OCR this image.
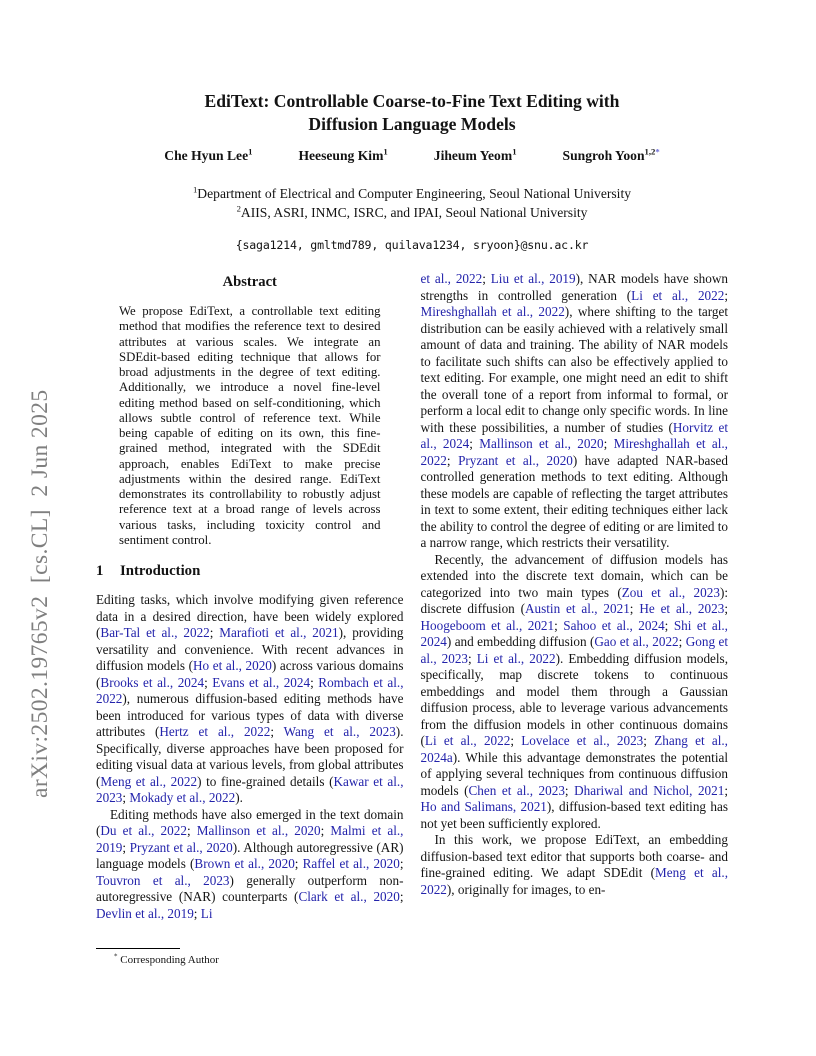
arXiv:2502.19765v2  [cs.CL]  2 Jun 2025
EdiText: Controllable Coarse-to-Fine Text Editing with
Diffusion Language Models
Che Hyun Lee$^1$	Heeseung Kim$^1$	Jiheum Yeom$^1$	Sungroh Yoon$^{1,2*}$
$^1$Department of Electrical and Computer Engineering, Seoul National University
$^2$AIIS, ASRI, INMC, ISRC, and IPAI, Seoul National University
{saga1214, gmltmd789, quilava1234, sryoon}@snu.ac.kr
Abstract

We propose EdiText, a controllable text editing method that modifies the reference text to desired attributes at various scales. We integrate an SDEdit-based editing technique that allows for broad adjustments in the degree of text editing. Additionally, we introduce a novel fine-level editing method based on self-conditioning, which allows subtle control of reference text. While being capable of editing on its own, this fine-grained method, integrated with the SDEdit approach, enables EdiText to make precise adjustments within the desired range. EdiText demonstrates its controllability to robustly adjust reference text at a broad range of levels across various tasks, including toxicity control and sentiment control.

1 Introduction

Editing tasks, which involve modifying given reference data in a desired direction, have been widely explored (Bar-Tal et al., 2022; Marafioti et al., 2021), providing versatility and convenience. With recent advances in diffusion models (Ho et al., 2020) across various domains (Brooks et al., 2024; Evans et al., 2024; Rombach et al., 2022), numerous diffusion-based editing methods have been introduced for various types of data with diverse attributes (Hertz et al., 2022; Wang et al., 2023). Specifically, diverse approaches have been proposed for editing visual data at various levels, from global attributes (Meng et al., 2022) to fine-grained details (Kawar et al., 2023; Mokady et al., 2022).

Editing methods have also emerged in the text domain (Du et al., 2022; Mallinson et al., 2020; Malmi et al., 2019; Pryzant et al., 2020). Although autoregressive (AR) language models (Brown et al., 2020; Raffel et al., 2020; Touvron et al., 2023) generally outperform non-autoregressive (NAR) counterparts (Clark et al., 2020; Devlin et al., 2019; Li

et al., 2022; Liu et al., 2019), NAR models have shown strengths in controlled generation (Li et al., 2022; Mireshghallah et al., 2022), where shifting to the target distribution can be easily achieved with a relatively small amount of data and training. The ability of NAR models to facilitate such shifts can also be effectively applied to text editing. For example, one might need an edit to shift the overall tone of a report from informal to formal, or perform a local edit to change only specific words. In line with these possibilities, a number of studies (Horvitz et al., 2024; Mallinson et al., 2020; Mireshghallah et al., 2022; Pryzant et al., 2020) have adapted NAR-based controlled generation methods to text editing. Although these models are capable of reflecting the target attributes in text to some extent, their editing techniques either lack the ability to control the degree of editing or are limited to a narrow range, which restricts their versatility.

Recently, the advancement of diffusion models has extended into the discrete text domain, which can be categorized into two main types (Zou et al., 2023): discrete diffusion (Austin et al., 2021; He et al., 2023; Hoogeboom et al., 2021; Sahoo et al., 2024; Shi et al., 2024) and embedding diffusion (Gao et al., 2022; Gong et al., 2023; Li et al., 2022). Embedding diffusion models, specifically, map discrete tokens to continuous embeddings and model them through a Gaussian diffusion process, able to leverage various advancements from the diffusion models in other continuous domains (Li et al., 2022; Lovelace et al., 2023; Zhang et al., 2024a). While this advantage demonstrates the potential of applying several techniques from continuous diffusion models (Chen et al., 2023; Dhariwal and Nichol, 2021; Ho and Salimans, 2021), diffusion-based text editing has not yet been sufficiently explored.

In this work, we propose EdiText, an embedding diffusion-based text editor that supports both coarse- and fine-grained editing. We adapt SDEdit (Meng et al., 2022), originally for images, to en-

* Corresponding Author
